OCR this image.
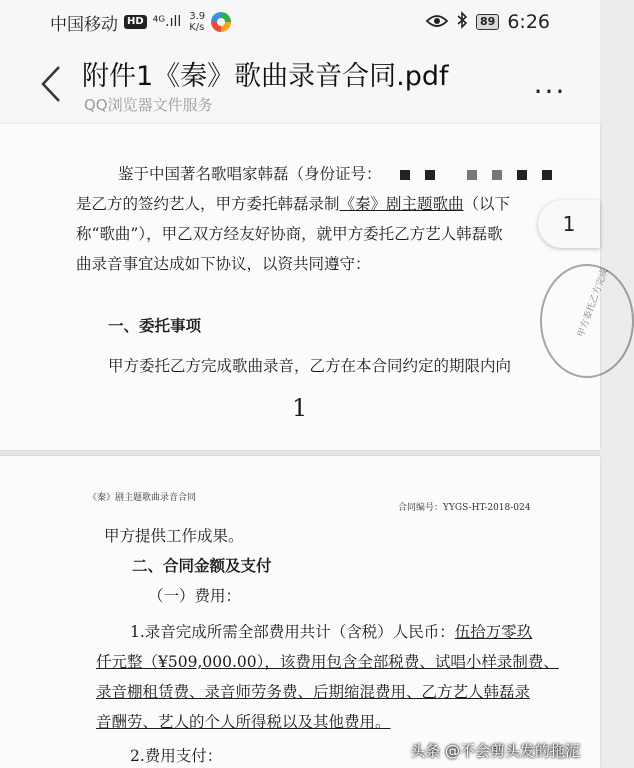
中国移动 HD ⁴ᴳ.ıll 3.9
K/s	89 6:26
附件1《秦》歌曲录音合同.pdf
QQ浏览器文件服务
...
鉴于中国著名歌唱家韩磊（身份证号：
是乙方的签约艺人，甲方委托韩磊录制《秦》剧主题歌曲（以下
称“歌曲”），甲乙双方经友好协商，就甲方委托乙方艺人韩磊歌
曲录音事宜达成如下协议，以资共同遵守：
一、委托事项
甲方委托乙方完成歌曲录音，乙方在本合同约定的期限内向
1
甲方委托乙方完成
1
《秦》剧主题歌曲录音合同
合同编号：YYGS-HT-2018-024
甲方提供工作成果。
二、合同金额及支付
（一）费用：
1.录音完成所需全部费用共计（含税）人民币：伍拾万零玖
仟元整（¥509,000.00），该费用包含全部税费、试唱小样录制费、
录音棚租赁费、录音师劳务费、后期缩混费用、乙方艺人韩磊录
音酬劳、艺人的个人所得税以及其他费用。
2.费用支付：	头条 @不会剪头发的拖泥
